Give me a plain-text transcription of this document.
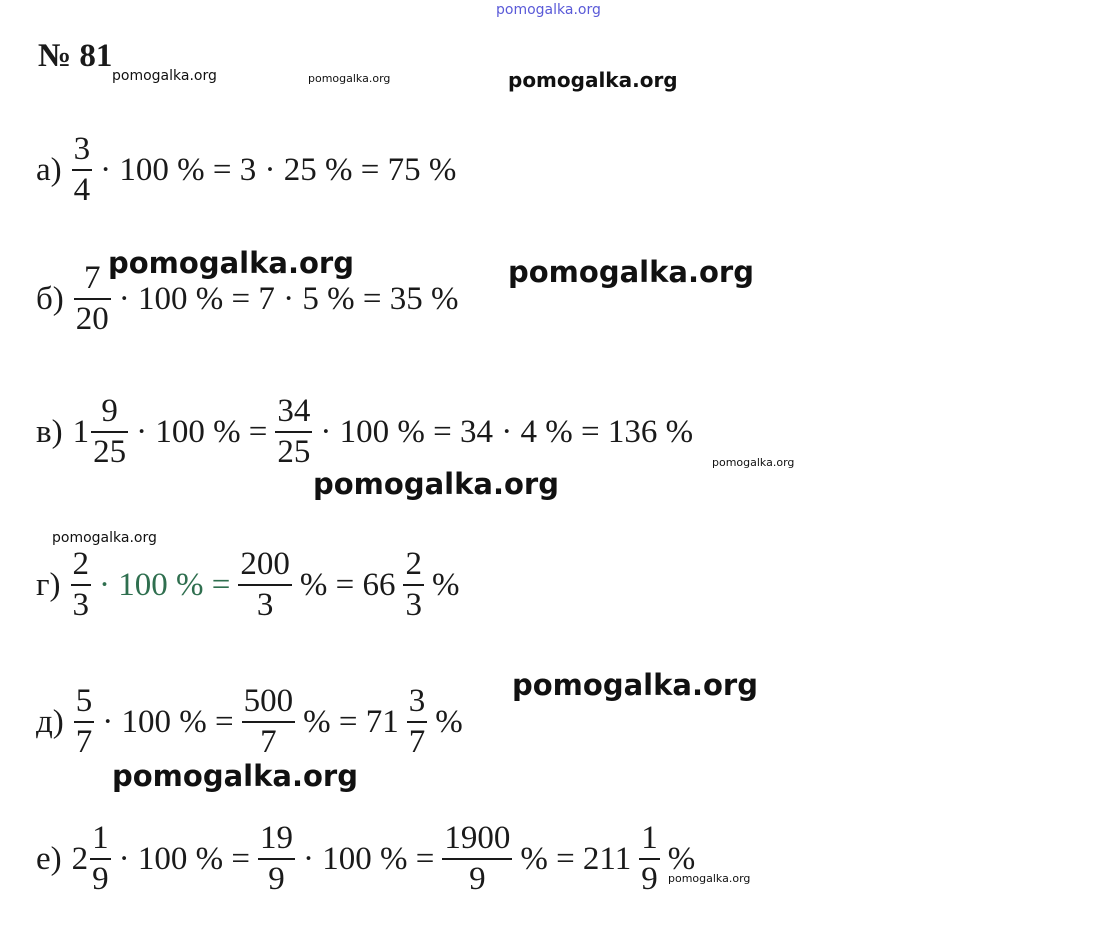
pomogalka.org
№ 81
pomogalka.org	pomogalka.org	pomogalka.org
$а) \frac{3}{4} \cdot 100$ % = 3 · 25 % = 75 %
pomogalka.org	pomogalka.org
$б) \frac{7}{20} \cdot 100$ % = 7 · 5 % = 35 %
в) $1 \frac{9}{25} \cdot 100$ % = $\frac{34}{25} \cdot 100$ % = 34 · 4 % = 136 %
pomogalka.org
pomogalka.org
pomogalka.org
$г) \frac{2}{3} \cdot 100$ % = $\frac{200}{3}$ % = $66 \frac{2}{3}$ %
pomogalka.org
$д) \frac{5}{7} \cdot 100$ % = $\frac{500}{7}$ % = $71 \frac{3}{7}$ %
pomogalka.org
е) $2 \frac{1}{9} \cdot 100$ % = $\frac{19}{9} \cdot 100$ % = $\frac{1900}{9}$ % = $211 \frac{1}{9}$ %
pomogalka.org
